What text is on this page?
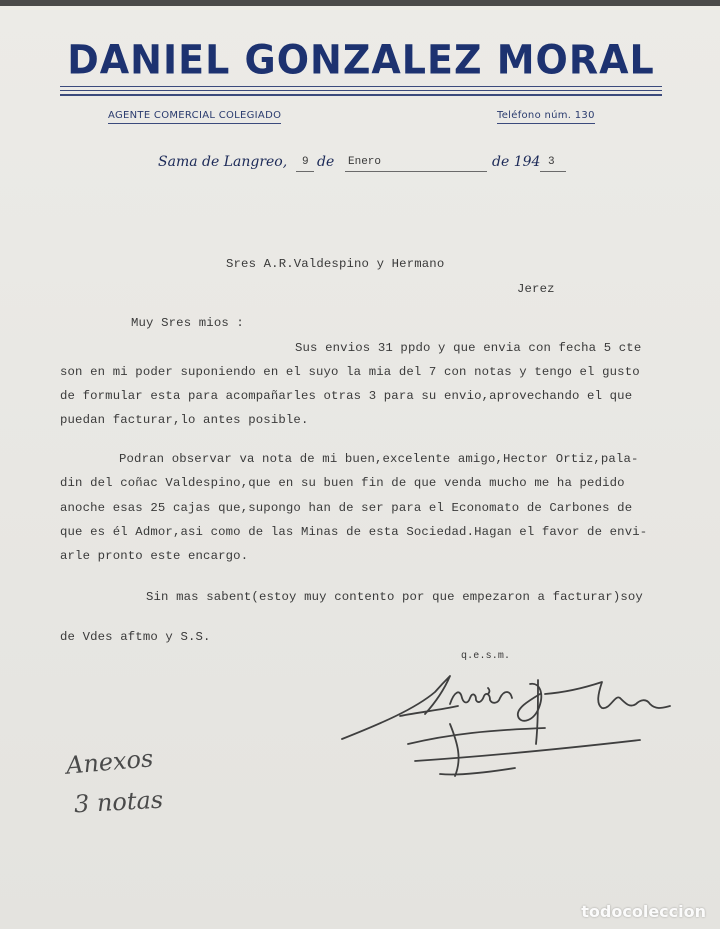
DANIEL GONZALEZ MORAL
AGENTE COMERCIAL COLEGIADO	Teléfono núm. 130
Sama de Langreo, 9 de Enero	de 194 3
Sres A.R.Valdespino y Hermano
Jerez
Muy Sres mios :
Sus envios 31 ppdo y que envia con fecha 5 cte
son en mi poder suponiendo en el suyo la mia del 7 con notas y tengo el gusto
de formular esta para acompañarles otras 3 para su envio,aprovechando el que
puedan facturar,lo antes posible.
Podran observar va nota de mi buen,excelente amigo,Hector Ortiz,pala-
din del coñac Valdespino,que en su buen fin de que venda mucho me ha pedido
anoche esas 25 cajas que,supongo han de ser para el Economato de Carbones de
que es él Admor,asi como de las Minas de esta Sociedad.Hagan el favor de envi-
arle pronto este encargo.
Sin mas sabent(estoy muy contento por que empezaron a facturar)soy
de Vdes aftmo y S.S.
q.e.s.m.
Daniel G Moral
Anexos
3 notas
todocoleccion
